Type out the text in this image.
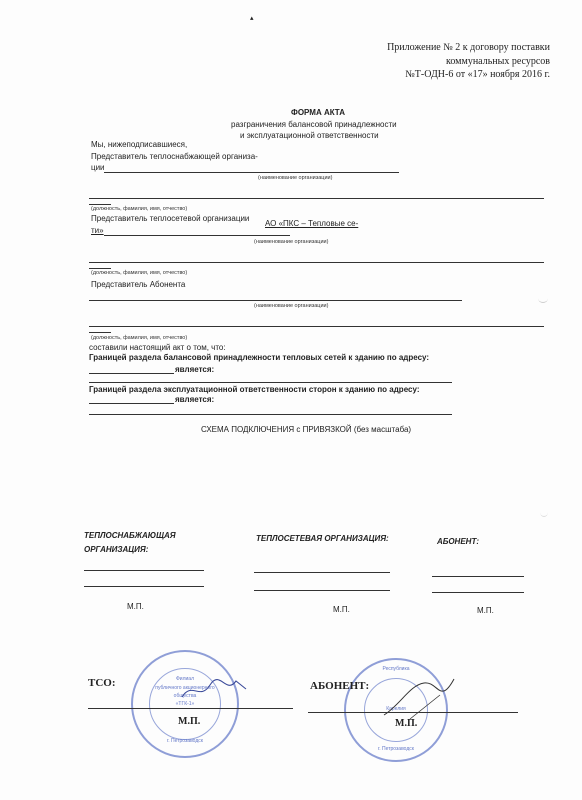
▴
Приложение № 2 к договору поставки
коммунальных ресурсов
№Т-ОДН-6 от «17» ноября 2016 г.
ФОРМА АКТА
разграничения балансовой принадлежности
и эксплуатационной ответственности
Мы, нижеподписавшиеся,
Представитель теплоснабжающей организа-
ции
(наименование организации)
(должность, фамилия, имя, отчество)
Представитель теплосетевой организации
АО «ПКС – Тепловые се-
ти»
(наименование организации)
(должность, фамилия, имя, отчество)
Представитель Абонента
(наименование организации)
(должность, фамилия, имя, отчество)
составили настоящий акт о том, что:
Границей раздела балансовой принадлежности тепловых сетей к зданию по адресу:
является:
Границей раздела эксплуатационной ответственности сторон к зданию по адресу:
является:
СХЕМА ПОДКЛЮЧЕНИЯ с ПРИВЯЗКОЙ (без масштаба)
ТЕПЛОСНАБЖАЮЩАЯ
ОРГАНИЗАЦИЯ:
ТЕПЛОСЕТЕВАЯ ОРГАНИЗАЦИЯ:	АБОНЕНТ:
М.П.	М.П.	М.П.
Филиал
публичного акционерного
общества
«ТГК-1»
г. Петрозаводск
Республика
Карелия
г. Петрозаводск
ТСО:	АБОНЕНТ:
М.П.	М.П.
